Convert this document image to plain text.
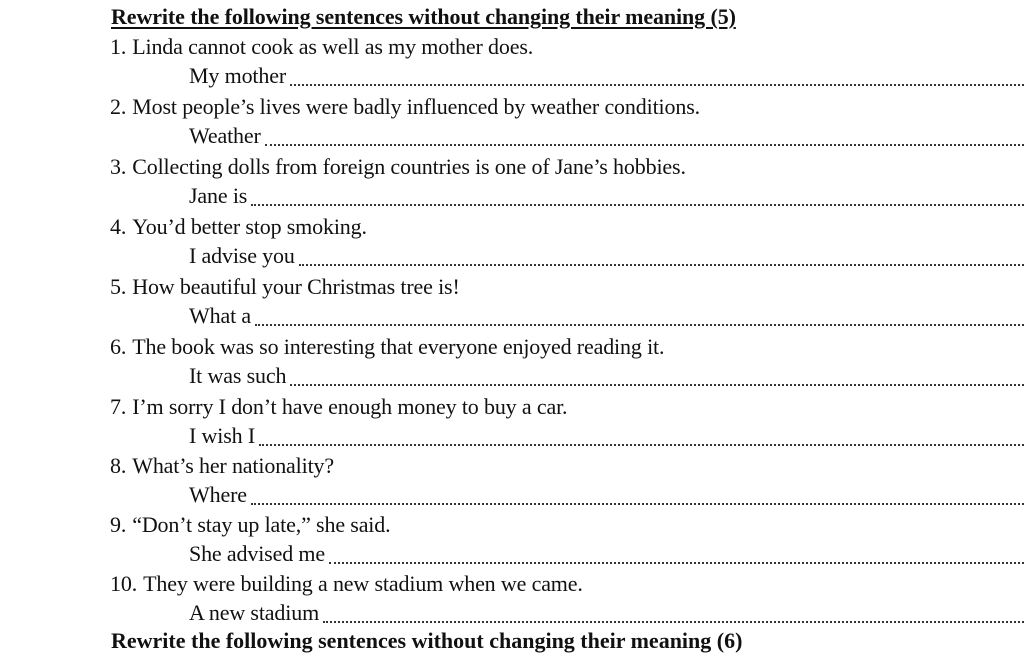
Rewrite the following sentences without changing their meaning (5)
1. Linda cannot cook as well as my mother does.
My mother
2. Most people’s lives were badly influenced by weather conditions.
Weather
3. Collecting dolls from foreign countries is one of Jane’s hobbies.
Jane is
4. You’d better stop smoking.
I advise you
5. How beautiful your Christmas tree is!
What a
6. The book was so interesting that everyone enjoyed reading it.
It was such
7. I’m sorry I don’t have enough money to buy a car.
I wish I
8. What’s her nationality?
Where
9. “Don’t stay up late,” she said.
She advised me
10. They were building a new stadium when we came.
A new stadium
Rewrite the following sentences without changing their meaning (6)
